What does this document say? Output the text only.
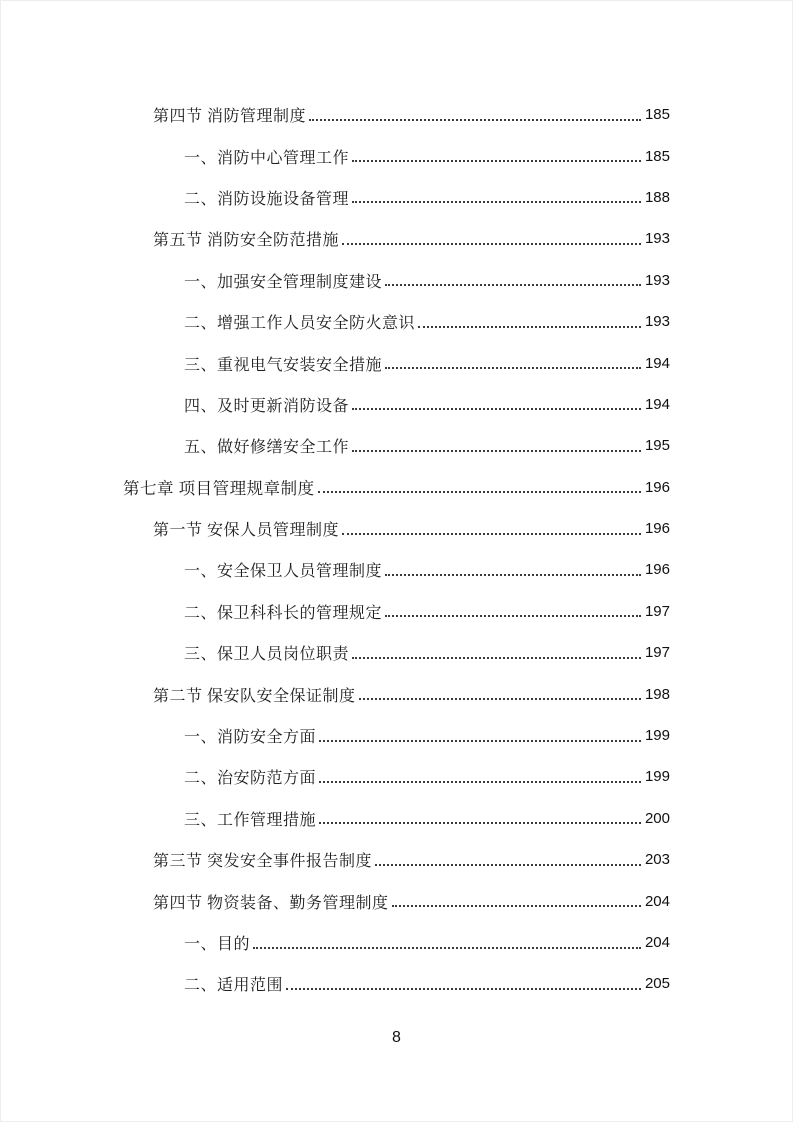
第四节 消防管理制度	185
一、消防中心管理工作	185
二、消防设施设备管理	188
第五节 消防安全防范措施	193
一、加强安全管理制度建设	193
二、增强工作人员安全防火意识	193
三、重视电气安装安全措施	194
四、及时更新消防设备	194
五、做好修缮安全工作	195
第七章 项目管理规章制度	196
第一节 安保人员管理制度	196
一、安全保卫人员管理制度	196
二、保卫科科长的管理规定	197
三、保卫人员岗位职责	197
第二节 保安队安全保证制度	198
一、消防安全方面	199
二、治安防范方面	199
三、工作管理措施	200
第三节 突发安全事件报告制度	203
第四节 物资装备、勤务管理制度	204
一、目的	204
二、适用范围	205
8
